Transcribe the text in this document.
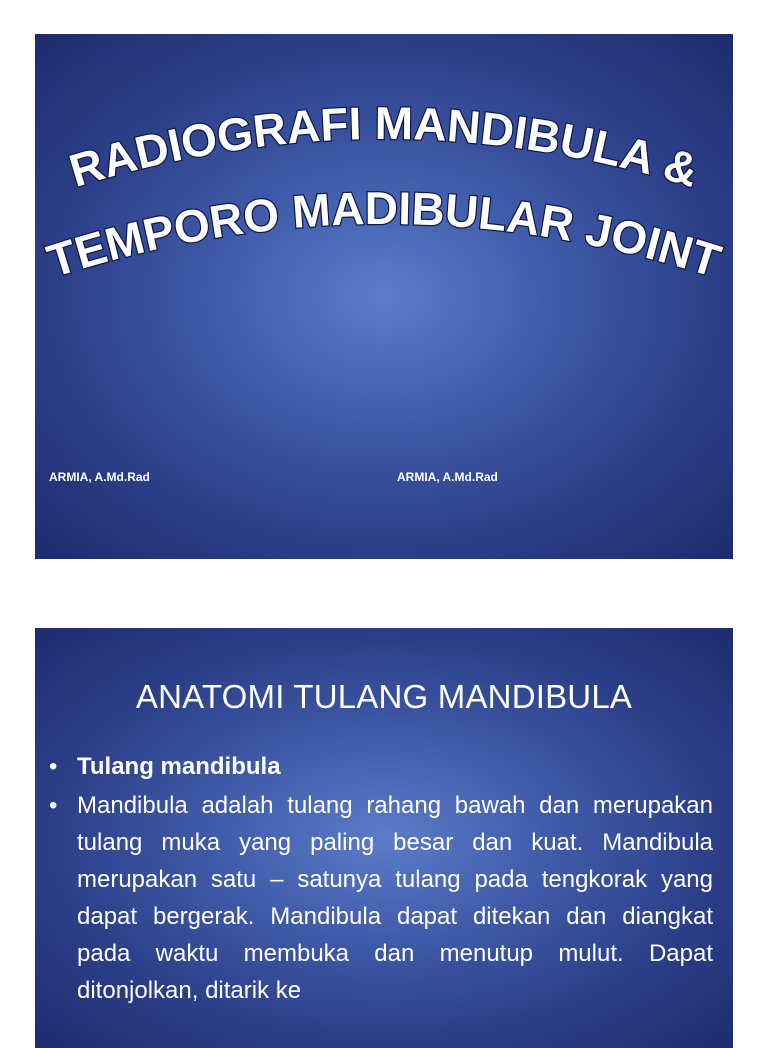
RADIOGRAFI MANDIBULA &
TEMPORO MADIBULAR JOINT
ARMIA, A.Md.Rad	ARMIA, A.Md.Rad
ANATOMI TULANG MANDIBULA
• Tulang mandibula
• Mandibula adalah tulang rahang bawah dan merupakan tulang muka yang paling besar dan kuat. Mandibula merupakan satu – satunya tulang pada tengkorak yang dapat bergerak. Mandibula dapat ditekan dan diangkat pada waktu membuka dan menutup mulut. Dapat ditonjolkan, ditarik ke
